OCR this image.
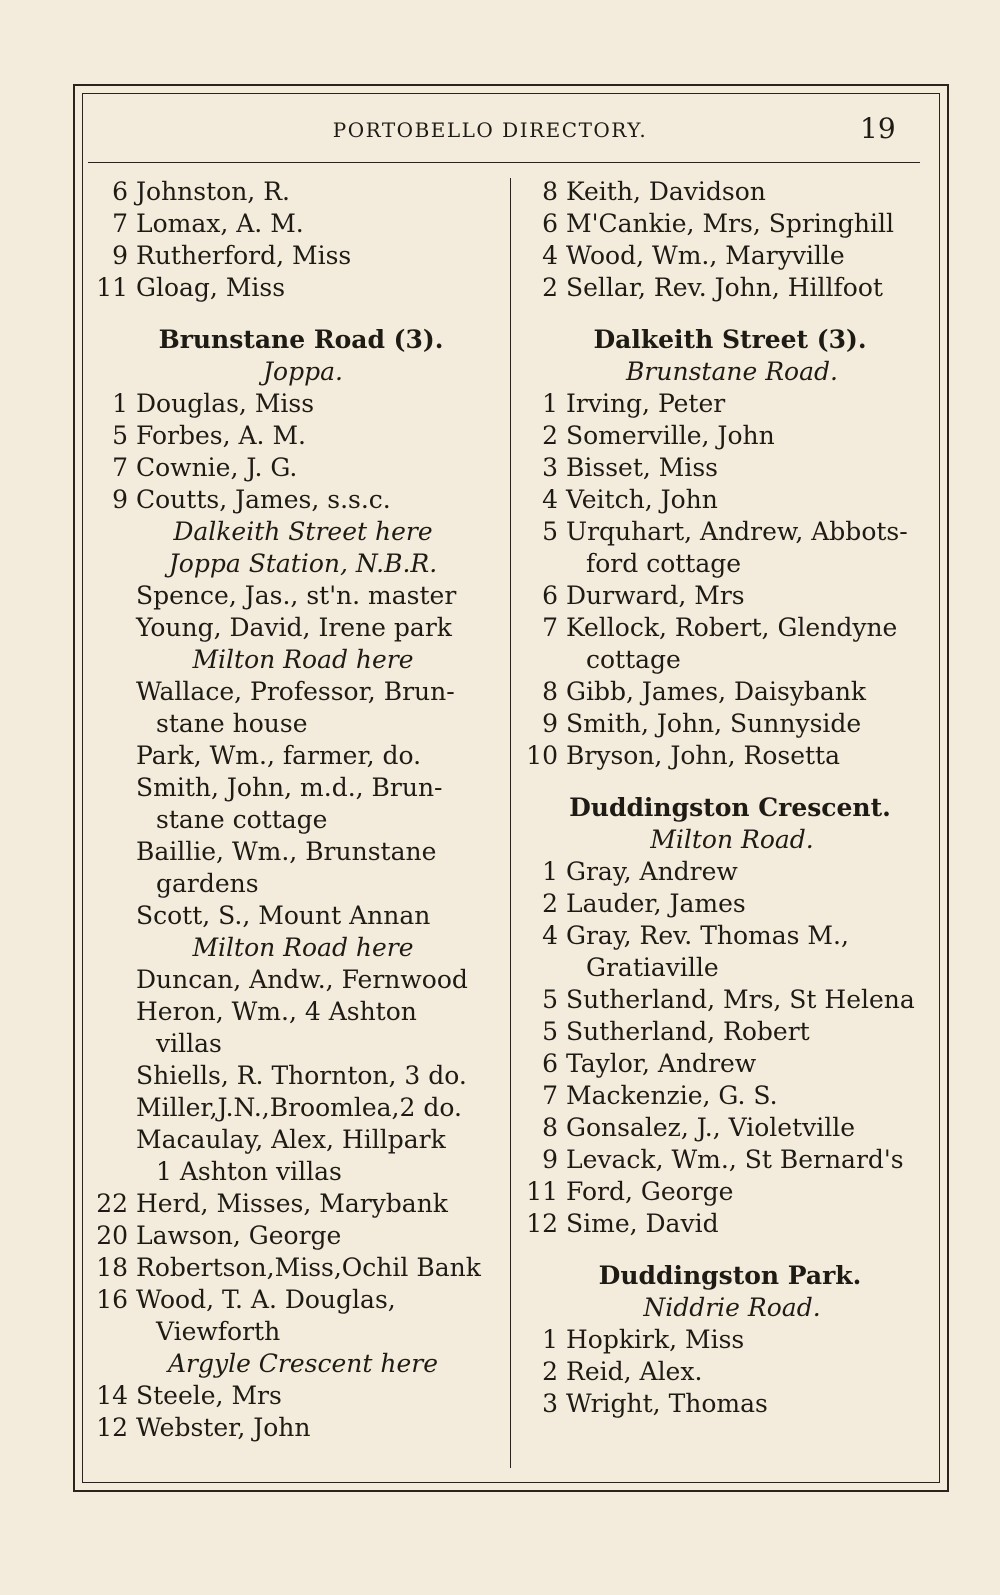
PORTOBELLO DIRECTORY.	19
6 Johnston, R.
7 Lomax, A. M.
9 Rutherford, Miss
11 Gloag, Miss
Brunstane Road (3).
Joppa.
1 Douglas, Miss
5 Forbes, A. M.
7 Cownie, J. G.
9 Coutts, James, s.s.c.
Dalkeith Street here
Joppa Station, N.B.R.
Spence, Jas., st'n. master
Young, David, Irene park
Milton Road here
Wallace, Professor, Brun-
stane house
Park, Wm., farmer, do.
Smith, John, m.d., Brun-
stane cottage
Baillie, Wm., Brunstane
gardens
Scott, S., Mount Annan
Milton Road here
Duncan, Andw., Fernwood
Heron, Wm., 4 Ashton
villas
Shiells, R. Thornton, 3 do.
Miller,J.N.,Broomlea,2 do.
Macaulay, Alex, Hillpark
1 Ashton villas
22 Herd, Misses, Marybank
20 Lawson, George
18 Robertson,Miss,Ochil Bank
16 Wood, T. A. Douglas,
Viewforth
Argyle Crescent here
14 Steele, Mrs
12 Webster, John
8 Keith, Davidson
6 M'Cankie, Mrs, Springhill
4 Wood, Wm., Maryville
2 Sellar, Rev. John, Hillfoot
Dalkeith Street (3).
Brunstane Road.
1 Irving, Peter
2 Somerville, John
3 Bisset, Miss
4 Veitch, John
5 Urquhart, Andrew, Abbots-
ford cottage
6 Durward, Mrs
7 Kellock, Robert, Glendyne
cottage
8 Gibb, James, Daisybank
9 Smith, John, Sunnyside
10 Bryson, John, Rosetta
Duddingston Crescent.
Milton Road.
1 Gray, Andrew
2 Lauder, James
4 Gray, Rev. Thomas M.,
Gratiaville
5 Sutherland, Mrs, St Helena
5 Sutherland, Robert
6 Taylor, Andrew
7 Mackenzie, G. S.
8 Gonsalez, J., Violetville
9 Levack, Wm., St Bernard's
11 Ford, George
12 Sime, David
Duddingston Park.
Niddrie Road.
1 Hopkirk, Miss
2 Reid, Alex.
3 Wright, Thomas
